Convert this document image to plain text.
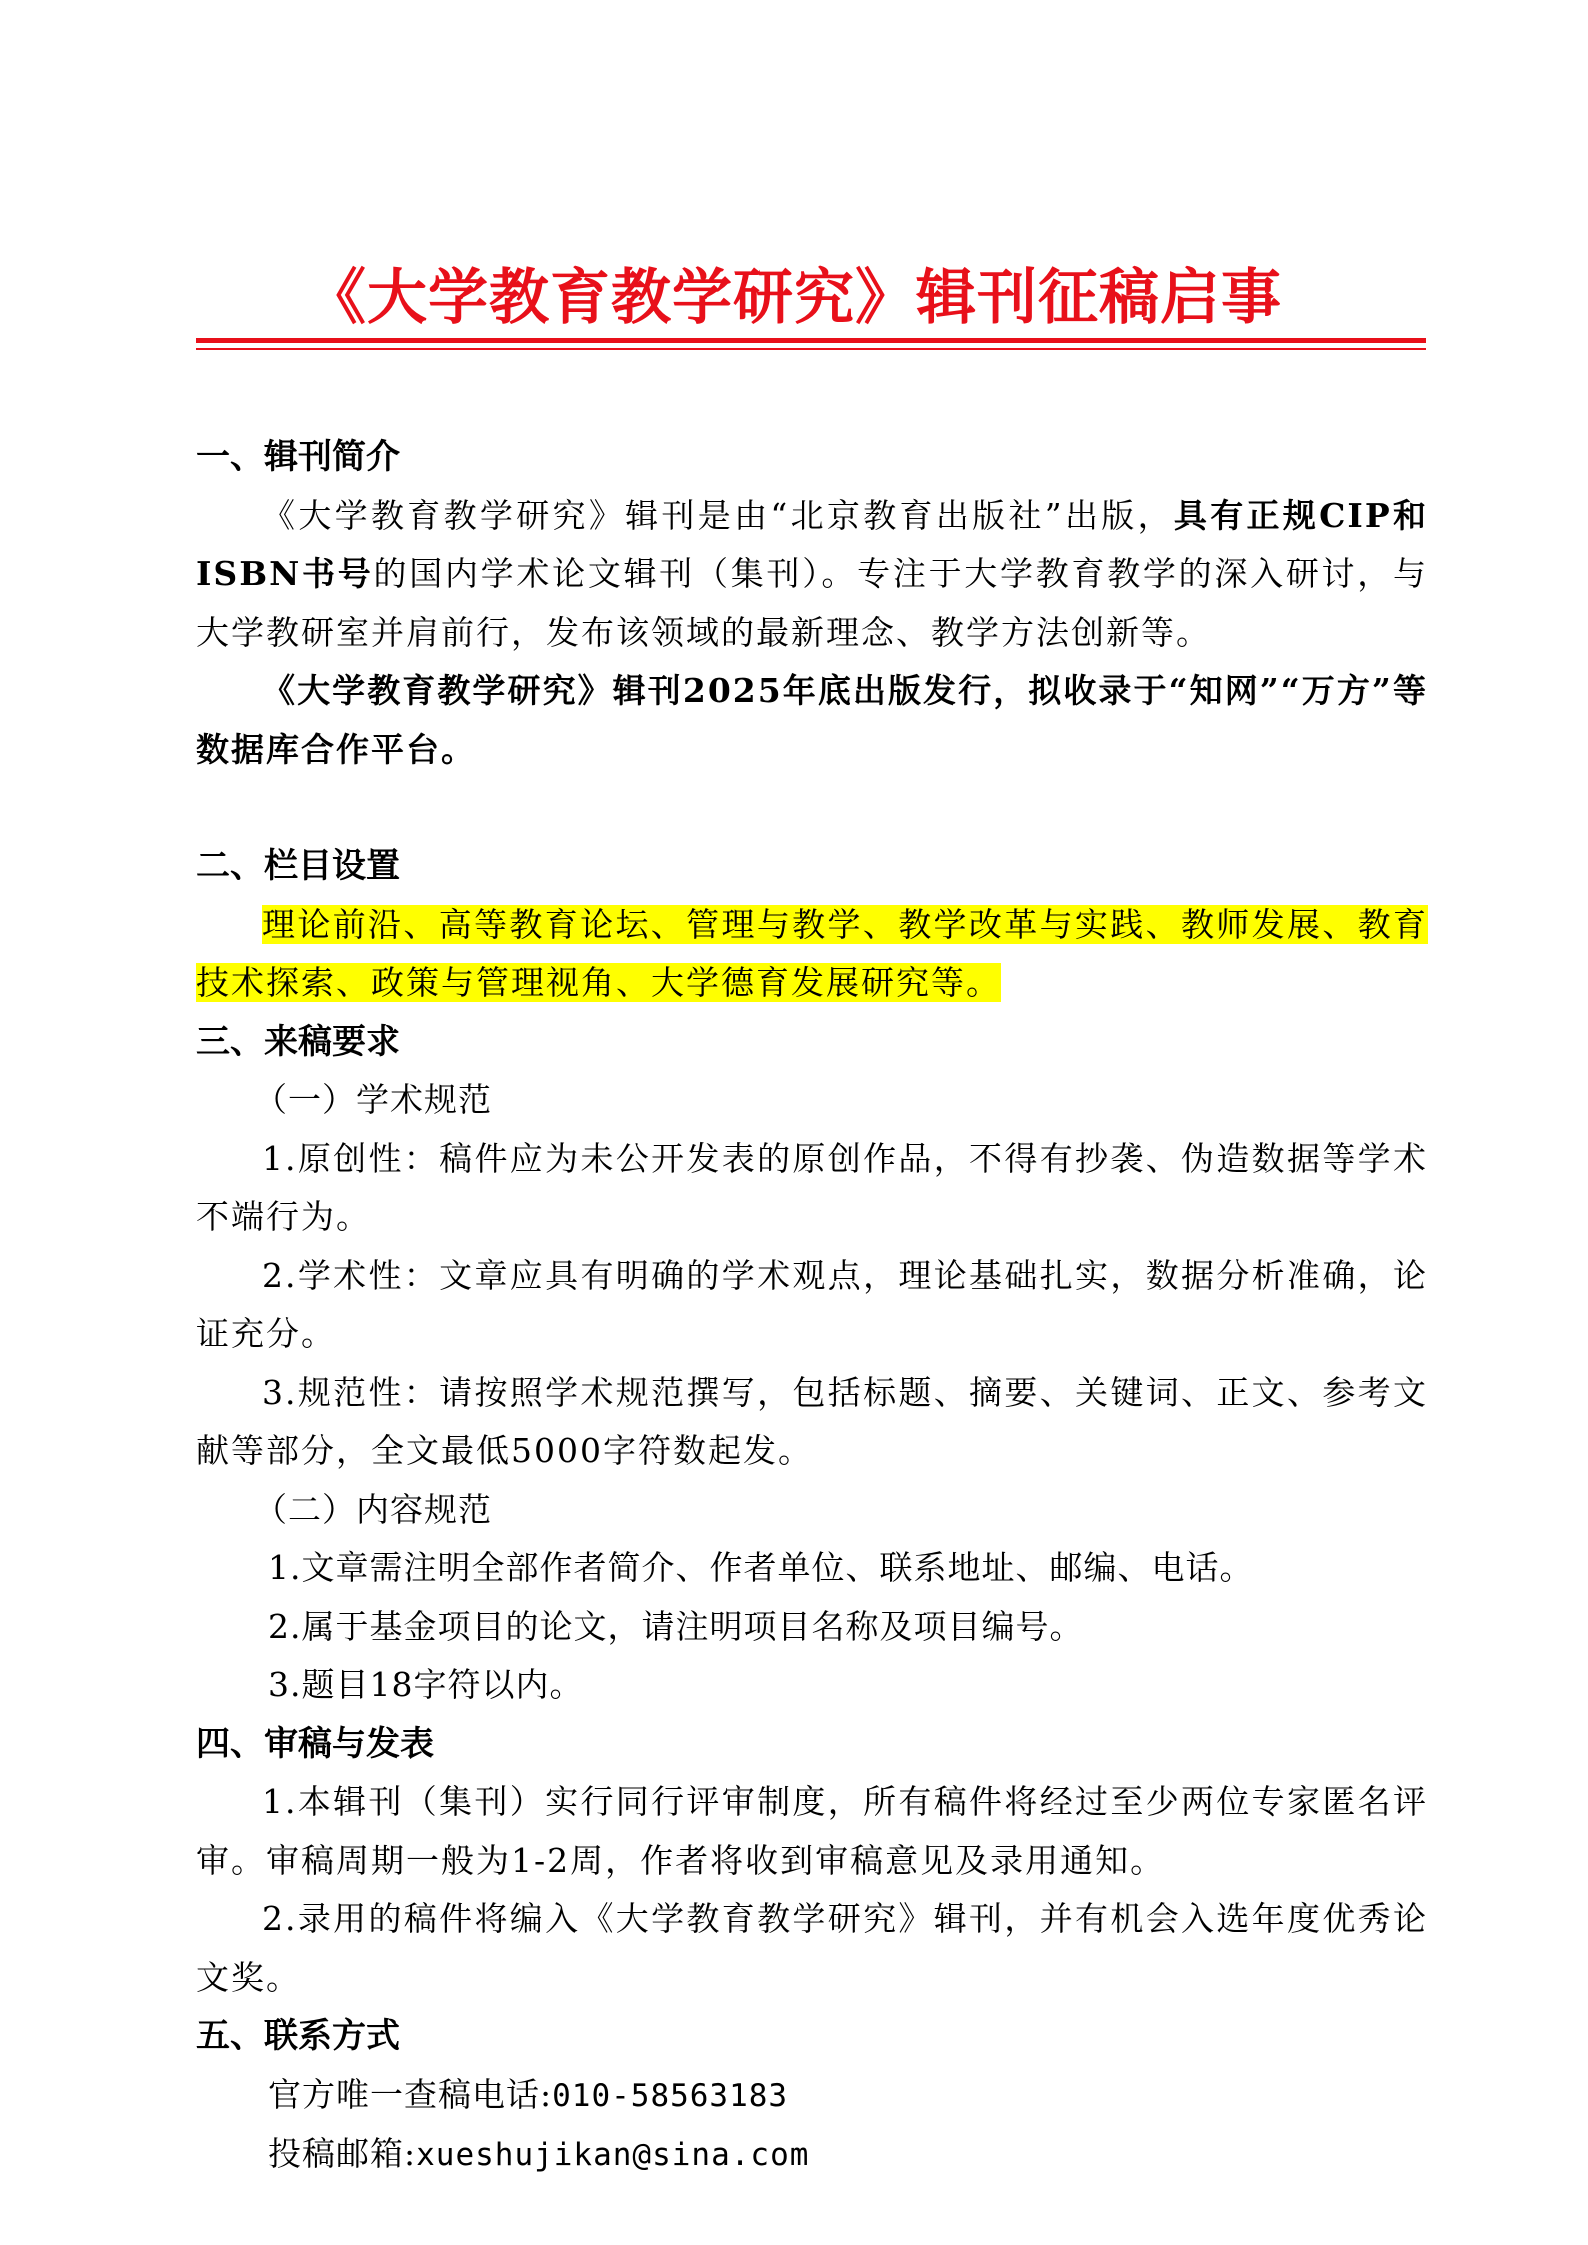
《大学教育教学研究》辑刊征稿启事
一、辑刊简介
《大学教育教学研究》辑刊是由“北京教育出版社”出版，具有正规CIP和ISBN书号的国内学术论文辑刊（集刊）。专注于大学教育教学的深入研讨，与大学教研室并肩前行，发布该领域的最新理念、教学方法创新等。
《大学教育教学研究》辑刊2025年底出版发行，拟收录于“知网”“万方”等数据库合作平台。
二、栏目设置
理论前沿、高等教育论坛、管理与教学、教学改革与实践、教师发展、教育技术探索、政策与管理视角、大学德育发展研究等。
三、来稿要求
（一）学术规范
1.原创性：稿件应为未公开发表的原创作品，不得有抄袭、伪造数据等学术不端行为。
2.学术性：文章应具有明确的学术观点，理论基础扎实，数据分析准确，论证充分。
3.规范性：请按照学术规范撰写，包括标题、摘要、关键词、正文、参考文献等部分，全文最低5000字符数起发。
（二）内容规范
1.文章需注明全部作者简介、作者单位、联系地址、邮编、电话。
2.属于基金项目的论文，请注明项目名称及项目编号。
3.题目18字符以内。
四、审稿与发表
1.本辑刊（集刊）实行同行评审制度，所有稿件将经过至少两位专家匿名评审。审稿周期一般为1-2周，作者将收到审稿意见及录用通知。
2.录用的稿件将编入《大学教育教学研究》辑刊，并有机会入选年度优秀论文奖。
五、联系方式
官方唯一查稿电话:010-58563183
投稿邮箱:xueshujikan@sina.com
